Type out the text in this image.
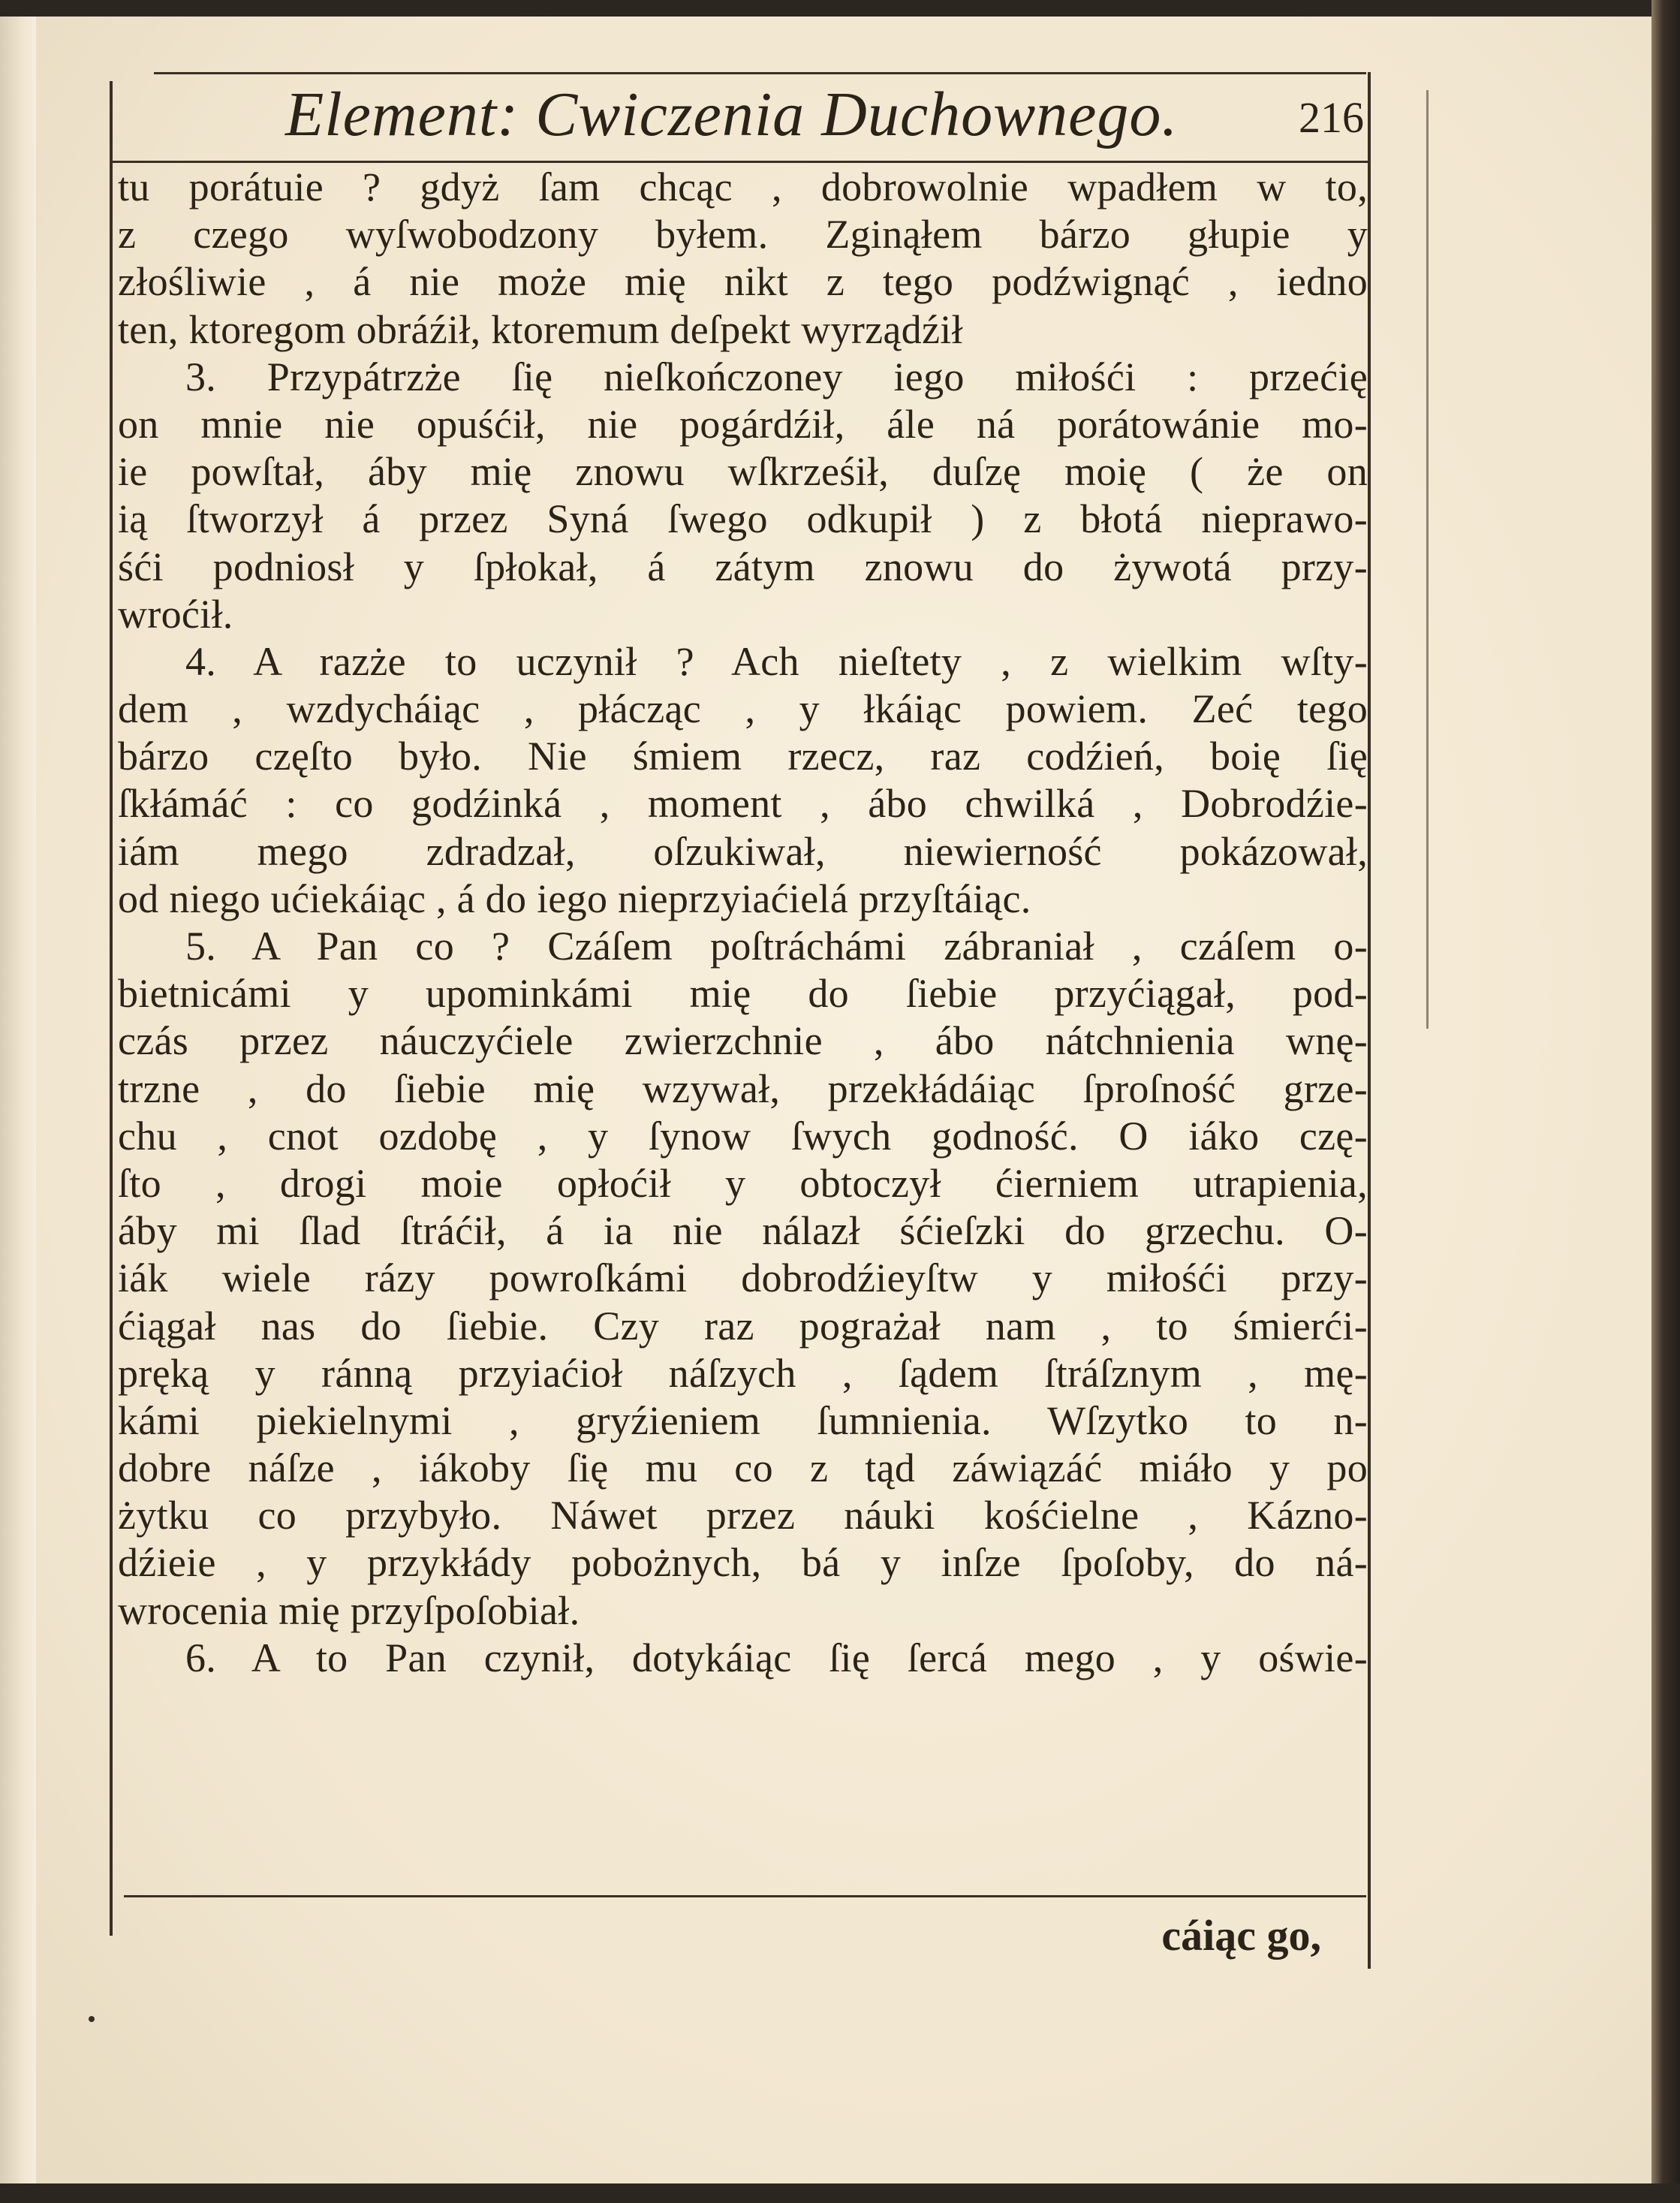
Element: Cwiczenia Duchownego.	216
tu porátuie ? gdyż ſam chcąc , dobrowolnie wpadłem w to,
z czego wyſwobodzony byłem. Zginąłem bárzo głupie y
złośliwie , á nie może mię nikt z tego podźwignąć , iedno
ten, ktoregom obráźił, ktoremum deſpekt wyrządźił
3. Przypátrzże ſię nieſkończoney iego miłośći : przećię
on mnie nie opuśćił, nie pogárdźił, ále ná porátowánie mo-
ie powſtał, áby mię znowu wſkrześił, duſzę moię ( że on
ią ſtworzył á przez Syná ſwego odkupił ) z błotá nieprawo-
śći podniosł y ſpłokał, á zátym znowu do żywotá przy-
wroćił.
4. A razże to uczynił ? Ach nieſtety , z wielkim wſty-
dem , wzdycháiąc , płácząc , y łkáiąc powiem. Zeć tego
bárzo częſto było. Nie śmiem rzecz, raz codźień, boię ſię
ſkłámáć : co godźinká , moment , ábo chwilká , Dobrodźie-
iám mego zdradzał, oſzukiwał, niewierność pokázował,
od niego ućiekáiąc , á do iego nieprzyiaćielá przyſtáiąc.
5. A Pan co ? Czáſem poſtráchámi zábraniał , czáſem o-
bietnicámi y upominkámi mię do ſiebie przyćiągał, pod-
czás przez náuczyćiele zwierzchnie , ábo nátchnienia wnę-
trzne , do ſiebie mię wzywał, przekłádáiąc ſproſność grze-
chu , cnot ozdobę , y ſynow ſwych godność. O iáko czę-
ſto , drogi moie opłoćił y obtoczył ćierniem utrapienia,
áby mi ſlad ſtráćił, á ia nie nálazł śćieſzki do grzechu. O-
iák wiele rázy powroſkámi dobrodźieyſtw y miłośći przy-
ćiągał nas do ſiebie. Czy raz pograżał nam , to śmierći-
pręką y ránną przyiaćioł náſzych , ſądem ſtráſznym , mę-
kámi piekielnymi , gryźieniem ſumnienia. Wſzytko to n-
dobre náſze , iákoby ſię mu co z tąd záwiązáć miáło y po
żytku co przybyło. Náwet przez náuki kośćielne , Kázno-
dźieie , y przykłády pobożnych, bá y inſze ſpoſoby, do ná-
wrocenia mię przyſpoſobiał.
6. A to Pan czynił, dotykáiąc ſię ſercá mego , y oświe-
cáiąc go,
